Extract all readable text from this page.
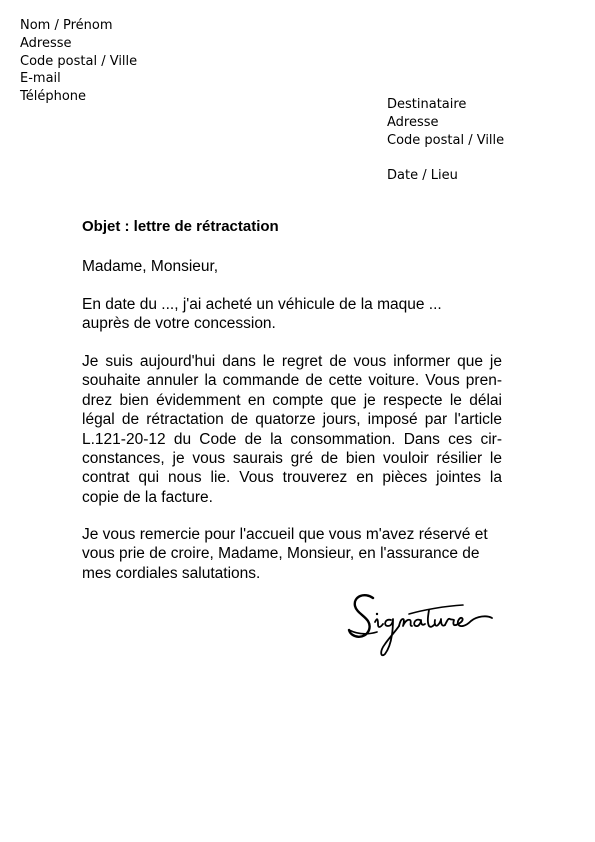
Nom / Prénom
Adresse
Code postal / Ville
E-mail
Téléphone
Destinataire
Adresse
Code postal / Ville
Date / Lieu
Objet : lettre de rétractation
Madame, Monsieur,
En date du ..., j'ai acheté un véhicule de la maque ...
auprès de votre concession.
Je suis aujourd'hui dans le regret de vous informer que je
souhaite annuler la commande de cette voiture. Vous pren-
drez bien évidemment en compte que je respecte le délai
légal de rétractation de quatorze jours, imposé par l'article
L.121-20-12 du Code de la consommation. Dans ces cir-
constances, je vous saurais gré de bien vouloir résilier le
contrat qui nous lie. Vous trouverez en pièces jointes la
copie de la facture.
Je vous remercie pour l'accueil que vous m'avez réservé et
vous prie de croire, Madame, Monsieur, en l'assurance de
mes cordiales salutations.
